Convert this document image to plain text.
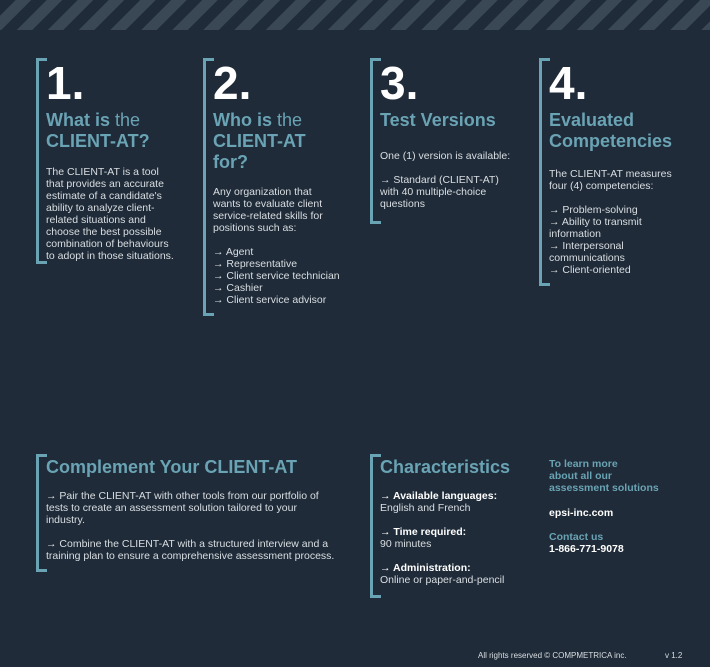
1.
What is the
CLIENT-AT?

The CLIENT-AT is a tool

that provides an accurate

estimate of a candidate's

ability to analyze client-

related situations and

choose the best possible

combination of behaviours

to adopt in those situations.

2.
Who is the
CLIENT-AT
for?

Any organization that

wants to evaluate client

service-related skills for

positions such as:

→ Agent

→ Representative

→ Client service technician

→ Cashier

→ Client service advisor

3.
Test Versions

One (1) version is available:

→ Standard (CLIENT-AT)

with 40 multiple-choice

questions

4.
Evaluated
Competencies

The CLIENT-AT measures

four (4) competencies:

→ Problem-solving

→ Ability to transmit

information

→ Interpersonal

communications

→ Client-oriented

Complement Your CLIENT-AT

→ Pair the CLIENT-AT with other tools from our portfolio of

tests to create an assessment solution tailored to your

industry.

→ Combine the CLIENT-AT with a structured interview and a

training plan to ensure a comprehensive assessment process.

Characteristics

→ Available languages:

English and French

→ Time required:

90 minutes

→ Administration:

Online or paper-and-pencil

To learn more
about all our
assessment solutions
epsi-inc.com
Contact us
1-866-771-9078
All rights reserved © COMPMETRICA inc.	v 1.2
